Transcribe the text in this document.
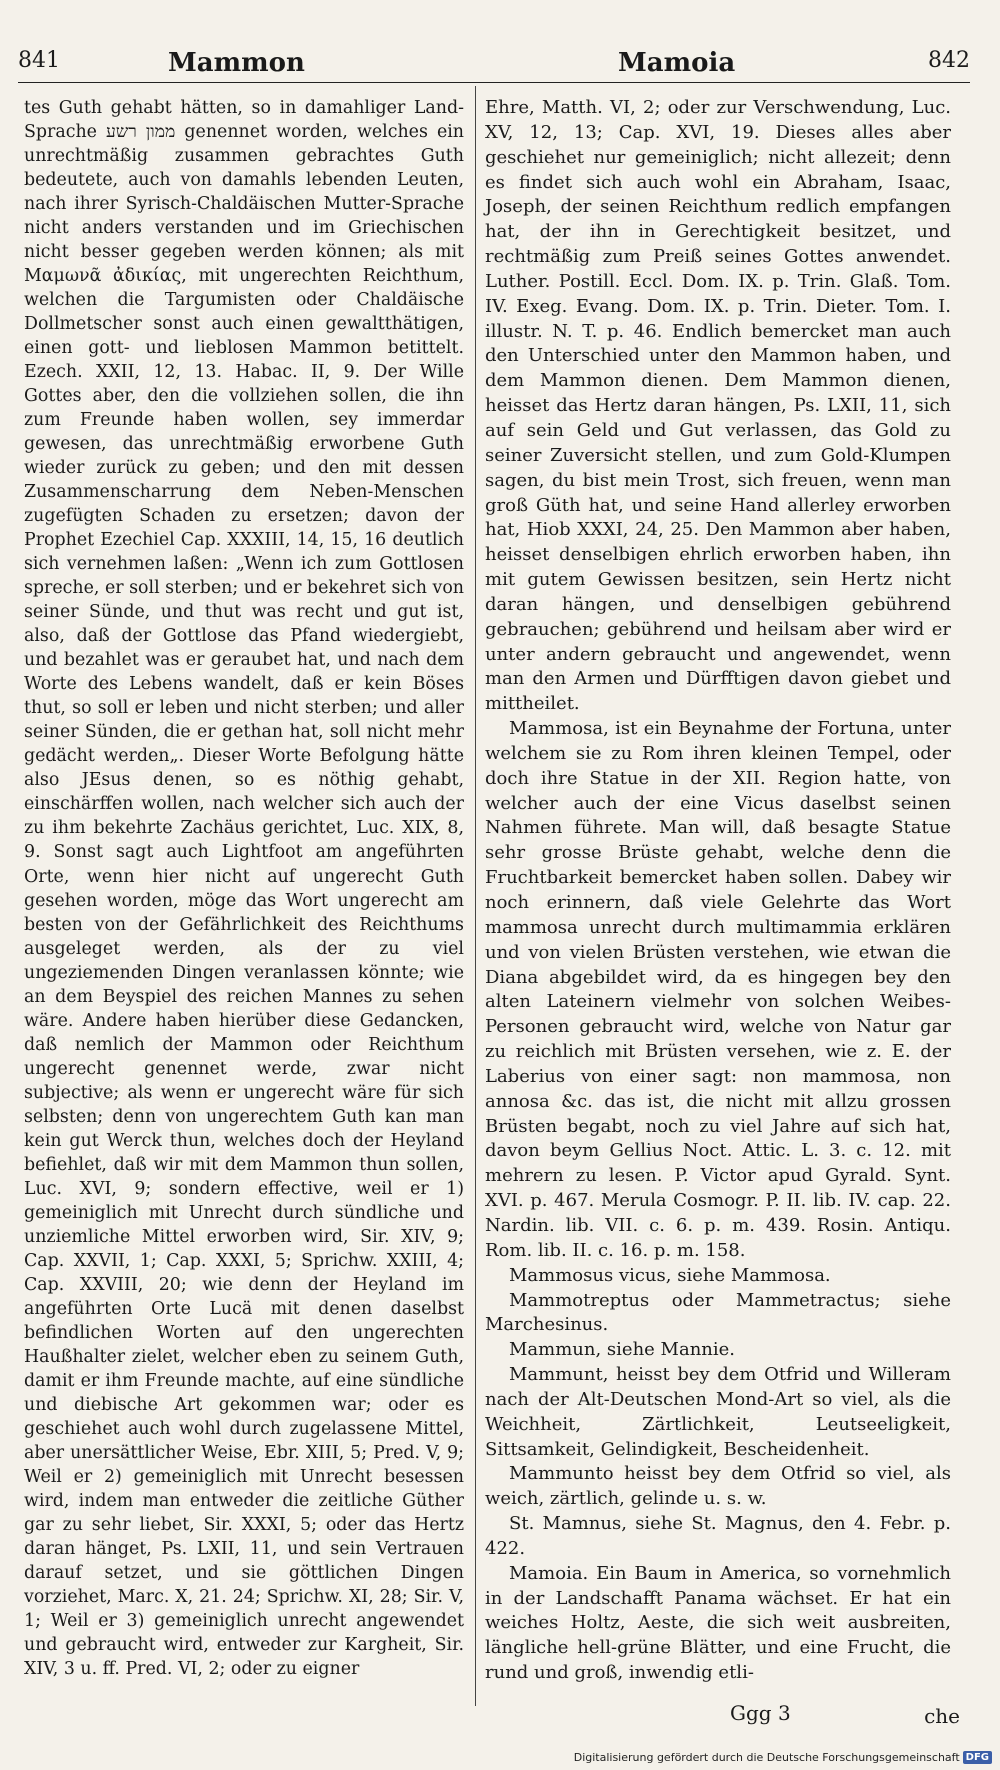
841	Mammon	Mamoia	842

tes Guth gehabt hätten, so in damahliger Land-Sprache ממון רשע genennet worden, welches ein unrechtmäßig zusammen gebrachtes Guth bedeutete, auch von damahls lebenden Leuten, nach ihrer Syrisch-Chaldäischen Mutter-Sprache nicht anders verstanden und im Griechischen nicht besser gegeben werden können; als mit Μαμωνᾶ ἀδικίας, mit ungerechten Reichthum, welchen die Targumisten oder Chaldäische Dollmetscher sonst auch einen gewaltthätigen, einen gott- und lieblosen Mammon betittelt. Ezech. XXII, 12, 13. Habac. II, 9. Der Wille Gottes aber, den die vollziehen sollen, die ihn zum Freunde haben wollen, sey immerdar gewesen, das unrechtmäßig erworbene Guth wieder zurück zu geben; und den mit dessen Zusammenscharrung dem Neben-Menschen zugefügten Schaden zu ersetzen; davon der Prophet Ezechiel Cap. XXXIII, 14, 15, 16 deutlich sich vernehmen laßen: „Wenn ich zum Gottlosen spreche, er soll sterben; und er bekehret sich von seiner Sünde, und thut was recht und gut ist, also, daß der Gottlose das Pfand wiedergiebt, und bezahlet was er geraubet hat, und nach dem Worte des Lebens wandelt, daß er kein Böses thut, so soll er leben und nicht sterben; und aller seiner Sünden, die er gethan hat, soll nicht mehr gedächt werden„. Dieser Worte Befolgung hätte also JEsus denen, so es nöthig gehabt, einschärffen wollen, nach welcher sich auch der zu ihm bekehrte Zachäus gerichtet, Luc. XIX, 8, 9. Sonst sagt auch Lightfoot am angeführten Orte, wenn hier nicht auf ungerecht Guth gesehen worden, möge das Wort ungerecht am besten von der Gefährlichkeit des Reichthums ausgeleget werden, als der zu viel ungeziemenden Dingen veranlassen könnte; wie an dem Beyspiel des reichen Mannes zu sehen wäre. Andere haben hierüber diese Gedancken, daß nemlich der Mammon oder Reichthum ungerecht genennet werde, zwar nicht subjective; als wenn er ungerecht wäre für sich selbsten; denn von ungerechtem Guth kan man kein gut Werck thun, welches doch der Heyland befiehlet, daß wir mit dem Mammon thun sollen, Luc. XVI, 9; sondern effective, weil er 1) gemeiniglich mit Unrecht durch sündliche und unziemliche Mittel erworben wird, Sir. XIV, 9; Cap. XXVII, 1; Cap. XXXI, 5; Sprichw. XXIII, 4; Cap. XXVIII, 20; wie denn der Heyland im angeführten Orte Lucä mit denen daselbst befindlichen Worten auf den ungerechten Haußhalter zielet, welcher eben zu seinem Guth, damit er ihm Freunde machte, auf eine sündliche und diebische Art gekommen war; oder es geschiehet auch wohl durch zugelassene Mittel, aber unersättlicher Weise, Ebr. XIII, 5; Pred. V, 9; Weil er 2) gemeiniglich mit Unrecht besessen wird, indem man entweder die zeitliche Güther gar zu sehr liebet, Sir. XXXI, 5; oder das Hertz daran hänget, Ps. LXII, 11, und sein Vertrauen darauf setzet, und sie göttlichen Dingen vorziehet, Marc. X, 21. 24; Sprichw. XI, 28; Sir. V, 1; Weil er 3) gemeiniglich unrecht angewendet und gebraucht wird, entweder zur Kargheit, Sir. XIV, 3 u. ff. Pred. VI, 2; oder zu eigner

Ehre, Matth. VI, 2; oder zur Verschwendung, Luc. XV, 12, 13; Cap. XVI, 19. Dieses alles aber geschiehet nur gemeiniglich; nicht allezeit; denn es findet sich auch wohl ein Abraham, Isaac, Joseph, der seinen Reichthum redlich empfangen hat, der ihn in Gerechtigkeit besitzet, und rechtmäßig zum Preiß seines Gottes anwendet. Luther. Postill. Eccl. Dom. IX. p. Trin. Glaß. Tom. IV. Exeg. Evang. Dom. IX. p. Trin. Dieter. Tom. I. illustr. N. T. p. 46. Endlich bemercket man auch den Unterschied unter den Mammon haben, und dem Mammon dienen. Dem Mammon dienen, heisset das Hertz daran hängen, Ps. LXII, 11, sich auf sein Geld und Gut verlassen, das Gold zu seiner Zuversicht stellen, und zum Gold-Klumpen sagen, du bist mein Trost, sich freuen, wenn man groß Güth hat, und seine Hand allerley erworben hat, Hiob XXXI, 24, 25. Den Mammon aber haben, heisset denselbigen ehrlich erworben haben, ihn mit gutem Gewissen besitzen, sein Hertz nicht daran hängen, und denselbigen gebührend gebrauchen; gebührend und heilsam aber wird er unter andern gebraucht und angewendet, wenn man den Armen und Dürfftigen davon giebet und mittheilet.

Mammosa, ist ein Beynahme der Fortuna, unter welchem sie zu Rom ihren kleinen Tempel, oder doch ihre Statue in der XII. Region hatte, von welcher auch der eine Vicus daselbst seinen Nahmen führete. Man will, daß besagte Statue sehr grosse Brüste gehabt, welche denn die Fruchtbarkeit bemercket haben sollen. Dabey wir noch erinnern, daß viele Gelehrte das Wort mammosa unrecht durch multimammia erklären und von vielen Brüsten verstehen, wie etwan die Diana abgebildet wird, da es hingegen bey den alten Lateinern vielmehr von solchen Weibes-Personen gebraucht wird, welche von Natur gar zu reichlich mit Brüsten versehen, wie z. E. der Laberius von einer sagt: non mammosa, non annosa &c. das ist, die nicht mit allzu grossen Brüsten begabt, noch zu viel Jahre auf sich hat, davon beym Gellius Noct. Attic. L. 3. c. 12. mit mehrern zu lesen. P. Victor apud Gyrald. Synt. XVI. p. 467. Merula Cosmogr. P. II. lib. IV. cap. 22. Nardin. lib. VII. c. 6. p. m. 439. Rosin. Antiqu. Rom. lib. II. c. 16. p. m. 158.

Mammosus vicus, siehe Mammosa.

Mammotreptus oder Mammetractus; siehe Marchesinus.

Mammun, siehe Mannie.

Mammunt, heisst bey dem Otfrid und Willeram nach der Alt-Deutschen Mond-Art so viel, als die Weichheit, Zärtlichkeit, Leutseeligkeit, Sittsamkeit, Gelindigkeit, Bescheidenheit.

Mammunto heisst bey dem Otfrid so viel, als weich, zärtlich, gelinde u. s. w.

St. Mamnus, siehe St. Magnus, den 4. Febr. p. 422.

Mamoia. Ein Baum in America, so vornehmlich in der Landschafft Panama wächset. Er hat ein weiches Holtz, Aeste, die sich weit ausbreiten, längliche hell-grüne Blätter, und eine Frucht, die rund und groß, inwendig etli-

Ggg 3	che
Digitalisierung gefördert durch die Deutsche Forschungsgemeinschaft DFG
